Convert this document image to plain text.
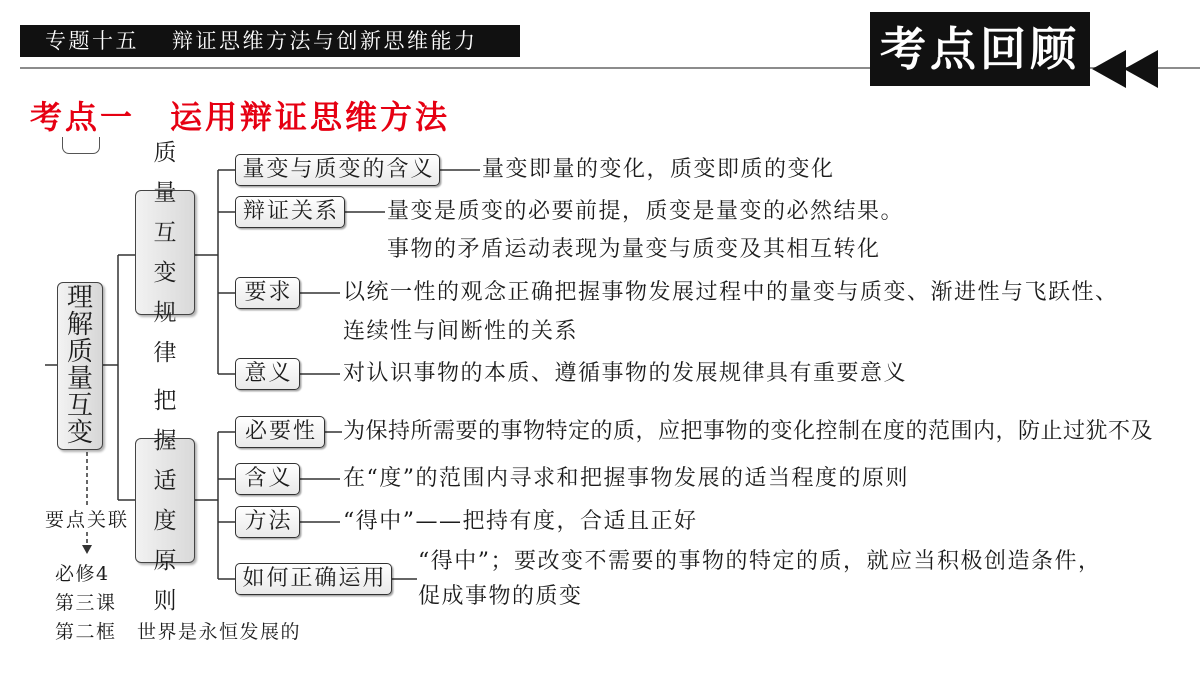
专题十五 辩证思维方法与创新思维能力	考点回顾
考点一　运用辩证思维方法
理解质量互变
质量互变规律
把握适度原则
量变与质变的含义
辩证关系
要求
意义
必要性
含义
方法
如何正确运用
量变即量的变化，质变即质的变化
量变是质变的必要前提，质变是量变的必然结果。
事物的矛盾运动表现为量变与质变及其相互转化
以统一性的观念正确把握事物发展过程中的量变与质变、渐进性与飞跃性、
连续性与间断性的关系
对认识事物的本质、遵循事物的发展规律具有重要意义
为保持所需要的事物特定的质，应把事物的变化控制在度的范围内，防止过犹不及
在“度”的范围内寻求和把握事物发展的适当程度的原则
“得中”——把持有度，合适且正好
“得中”；要改变不需要的事物的特定的质，就应当积极创造条件，
促成事物的质变
要点关联
必修4
第三课
第二框　世界是永恒发展的
